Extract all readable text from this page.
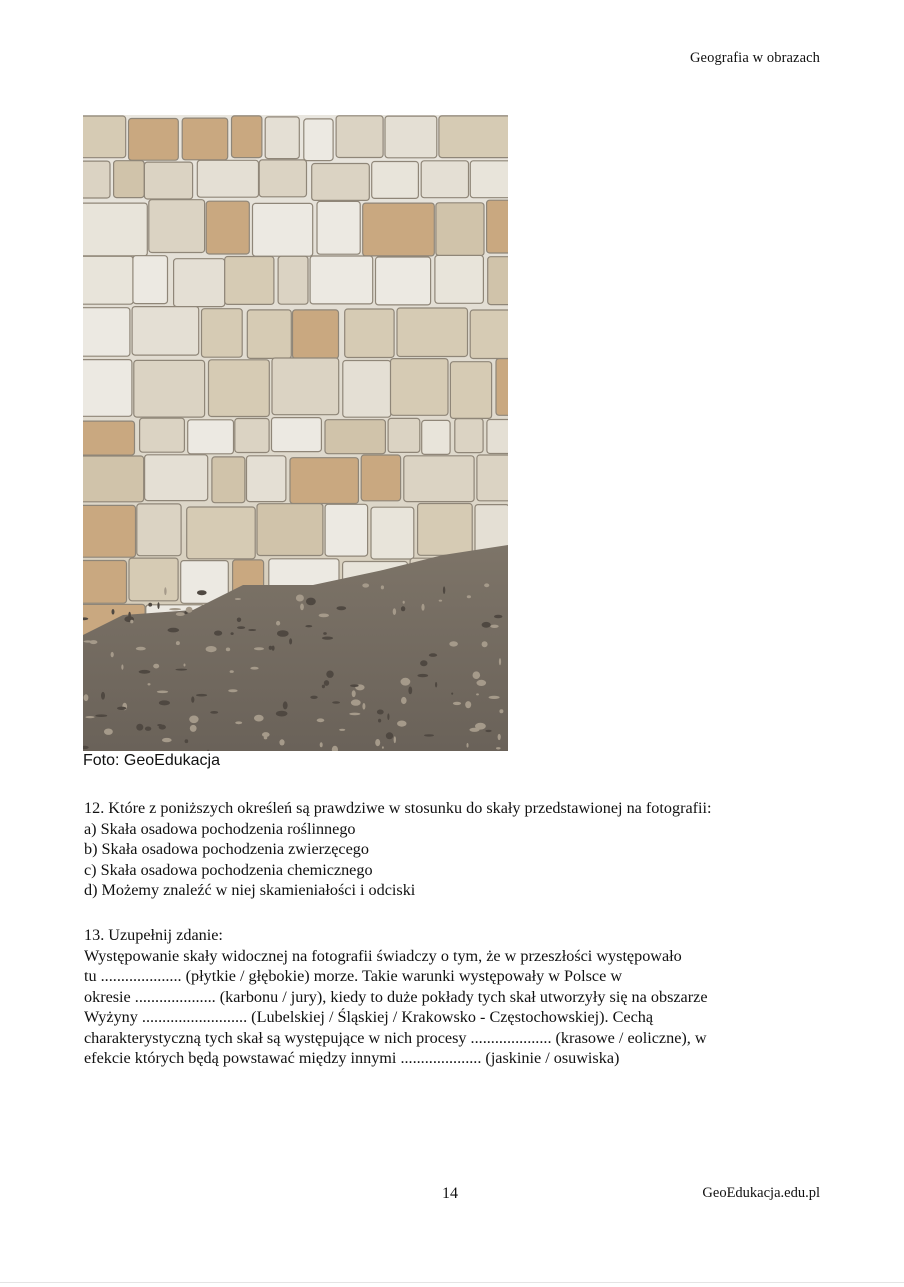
Geografia w obrazach
Foto: GeoEdukacja
12. Które z poniższych określeń są prawdziwe w stosunku do skały przedstawionej na fotografii:
a) Skała osadowa pochodzenia roślinnego
b) Skała osadowa pochodzenia zwierzęcego
c) Skała osadowa pochodzenia chemicznego
d) Możemy znaleźć w niej skamieniałości i odciski
13. Uzupełnij zdanie:
Występowanie skały widocznej na fotografii świadczy o tym, że w przeszłości występowało
tu .................... (płytkie / głębokie) morze. Takie warunki występowały w Polsce w
okresie .................... (karbonu / jury), kiedy to duże pokłady tych skał utworzyły się na obszarze
Wyżyny .......................... (Lubelskiej / Śląskiej / Krakowsko - Częstochowskiej). Cechą
charakterystyczną tych skał są występujące w nich procesy .................... (krasowe / eoliczne), w
efekcie których będą powstawać między innymi .................... (jaskinie / osuwiska)
14	GeoEdukacja.edu.pl
